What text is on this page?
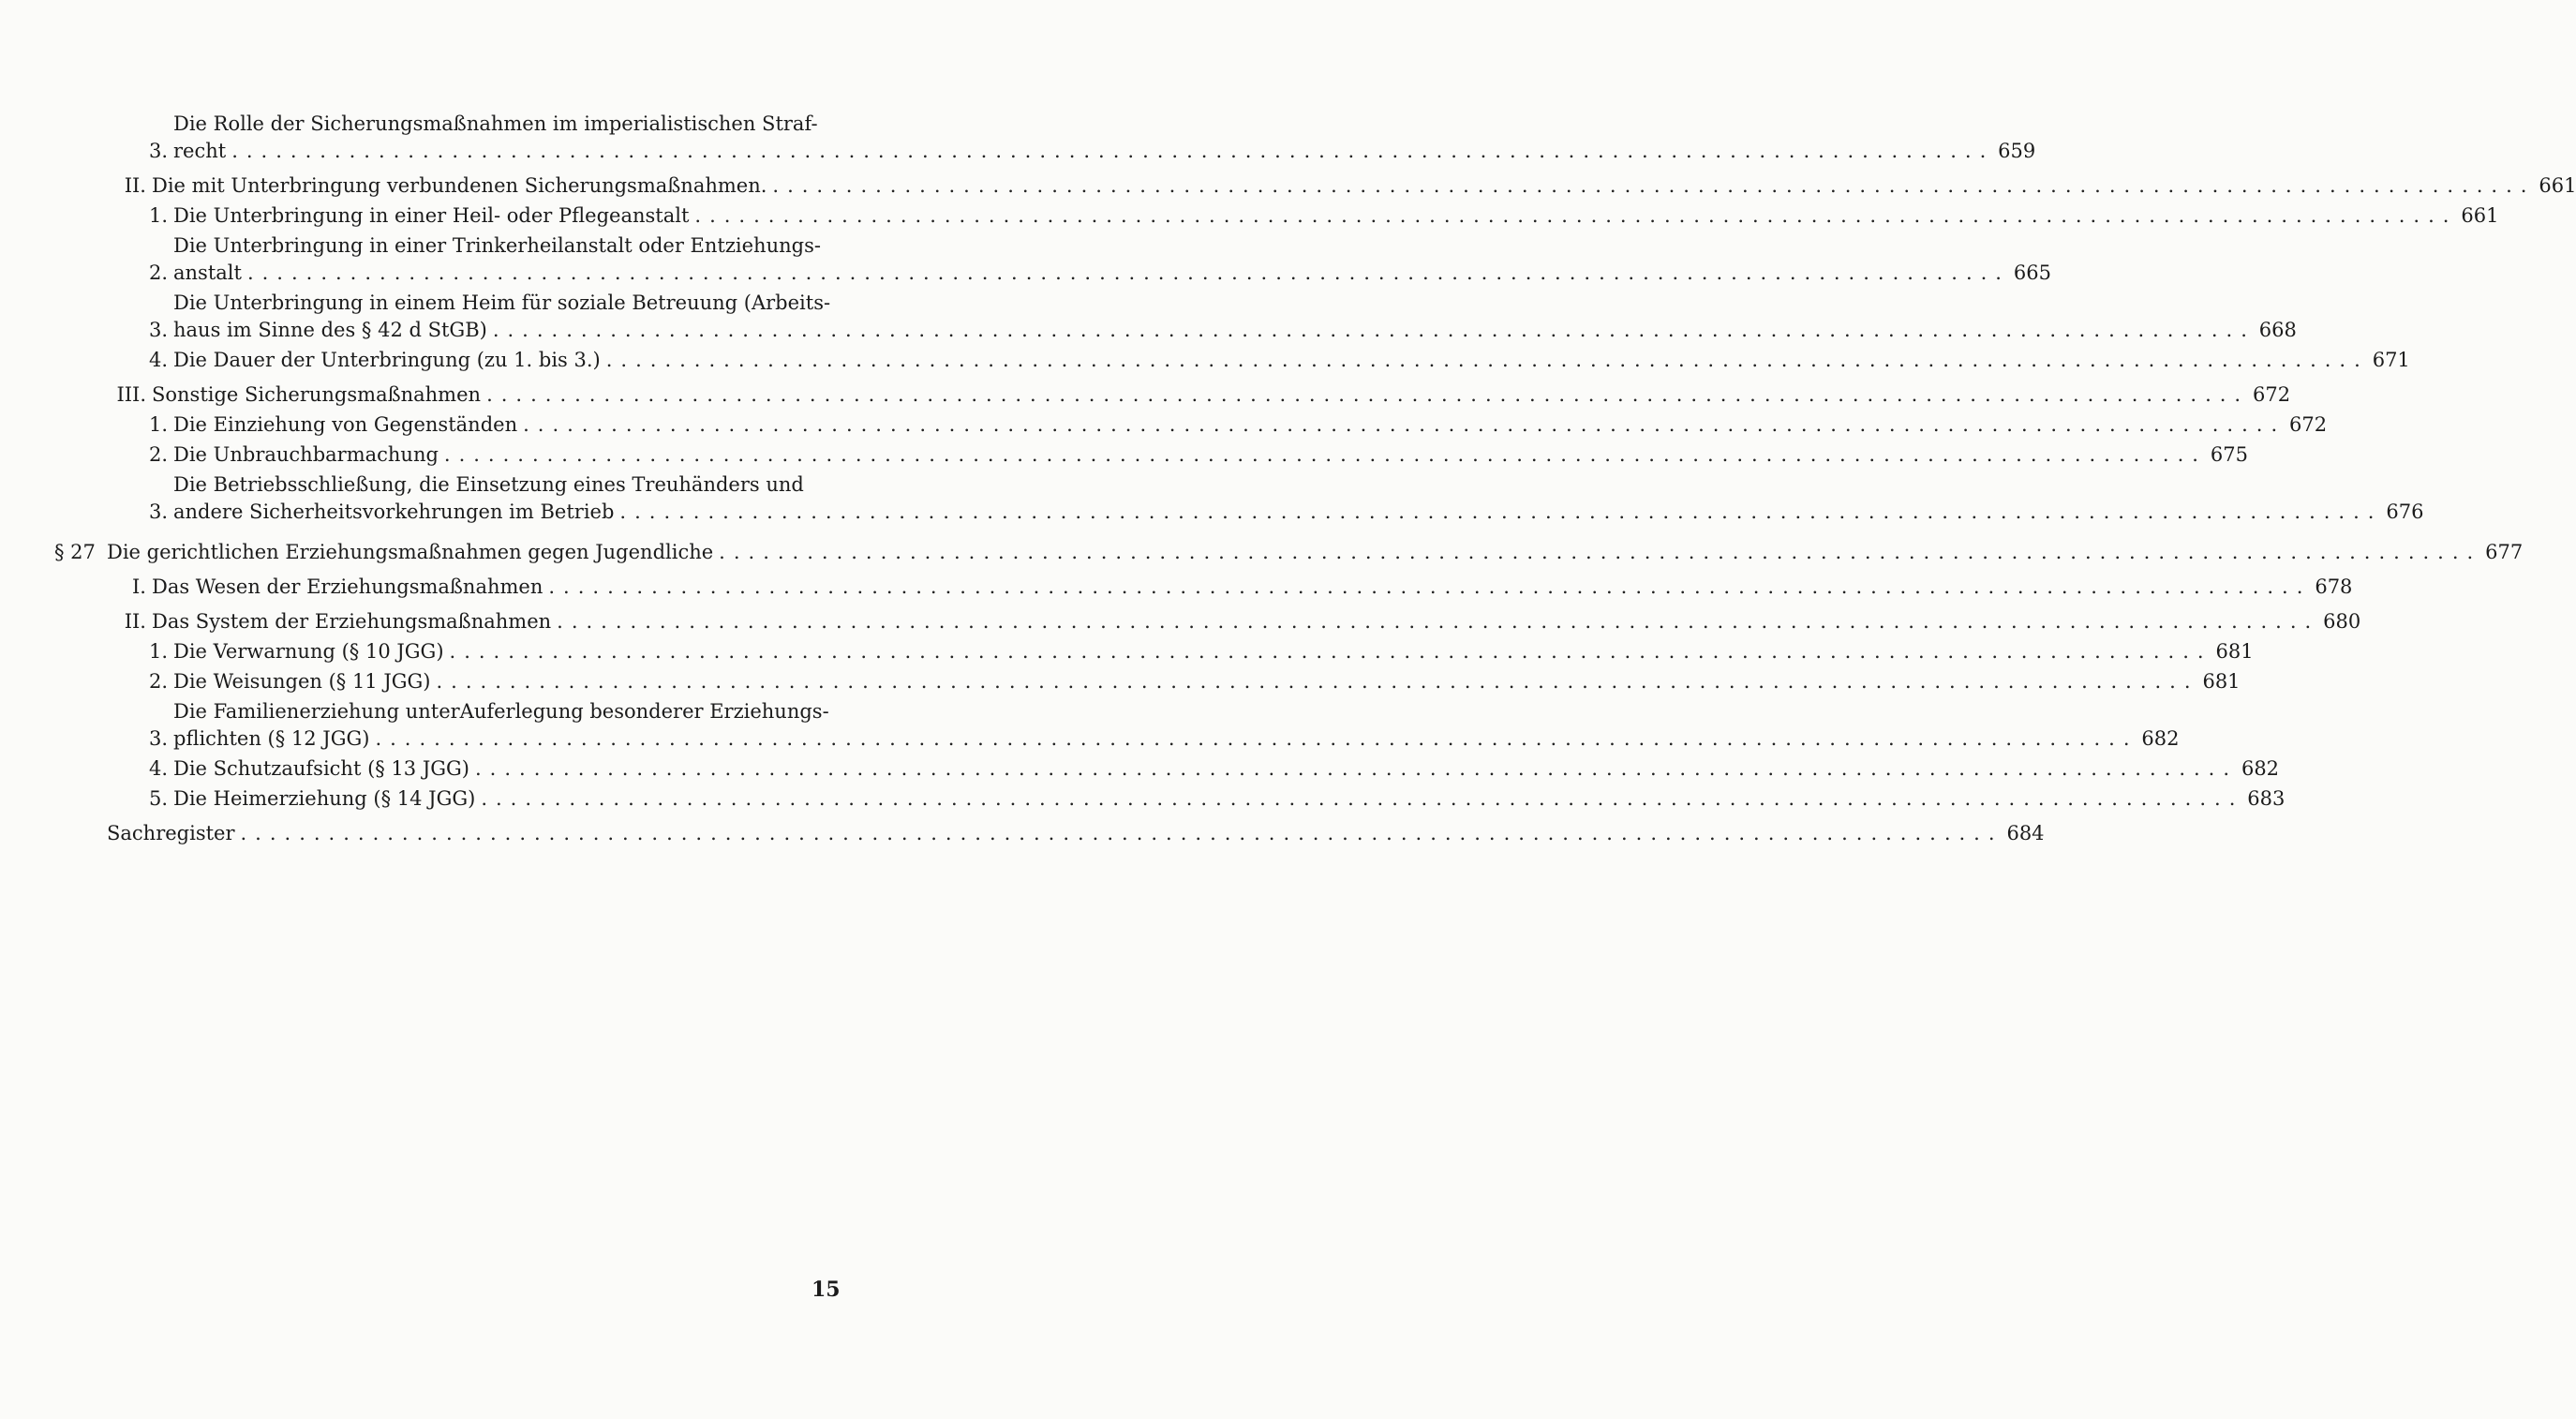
3.
Die Rolle der Sicherungsmaßnahmen im imperialistischen Straf-
recht ........................................................................................................................ 659
II. Die mit Unterbringung verbundenen Sicherungsmaßnahmen. ........................................................................................................................ 661
1. Die Unterbringung in einer Heil- oder Pflegeanstalt ........................................................................................................................ 661
2.
Die Unterbringung in einer Trinkerheilanstalt oder Entziehungs-
anstalt ........................................................................................................................ 665
3.
Die Unterbringung in einem Heim für soziale Betreuung (Arbeits-
haus im Sinne des § 42 d StGB) ........................................................................................................................ 668
4. Die Dauer der Unterbringung (zu 1. bis 3.) ........................................................................................................................ 671
III. Sonstige Sicherungsmaßnahmen ........................................................................................................................ 672
1. Die Einziehung von Gegenständen ........................................................................................................................ 672
2. Die Unbrauchbarmachung ........................................................................................................................ 675
3.
Die Betriebsschließung, die Einsetzung eines Treuhänders und
andere Sicherheitsvorkehrungen im Betrieb ........................................................................................................................ 676
§ 27 Die gerichtlichen Erziehungsmaßnahmen gegen Jugendliche ........................................................................................................................ 677
I. Das Wesen der Erziehungsmaßnahmen ........................................................................................................................ 678
II. Das System der Erziehungsmaßnahmen ........................................................................................................................ 680
1. Die Verwarnung (§ 10 JGG) ........................................................................................................................ 681
2. Die Weisungen (§ 11 JGG) ........................................................................................................................ 681
3.
Die Familienerziehung unterAuferlegung besonderer Erziehungs-
pflichten (§ 12 JGG) ........................................................................................................................ 682
4. Die Schutzaufsicht (§ 13 JGG) ........................................................................................................................ 682
5. Die Heimerziehung (§ 14 JGG) ........................................................................................................................ 683
Sachregister ........................................................................................................................ 684
15
